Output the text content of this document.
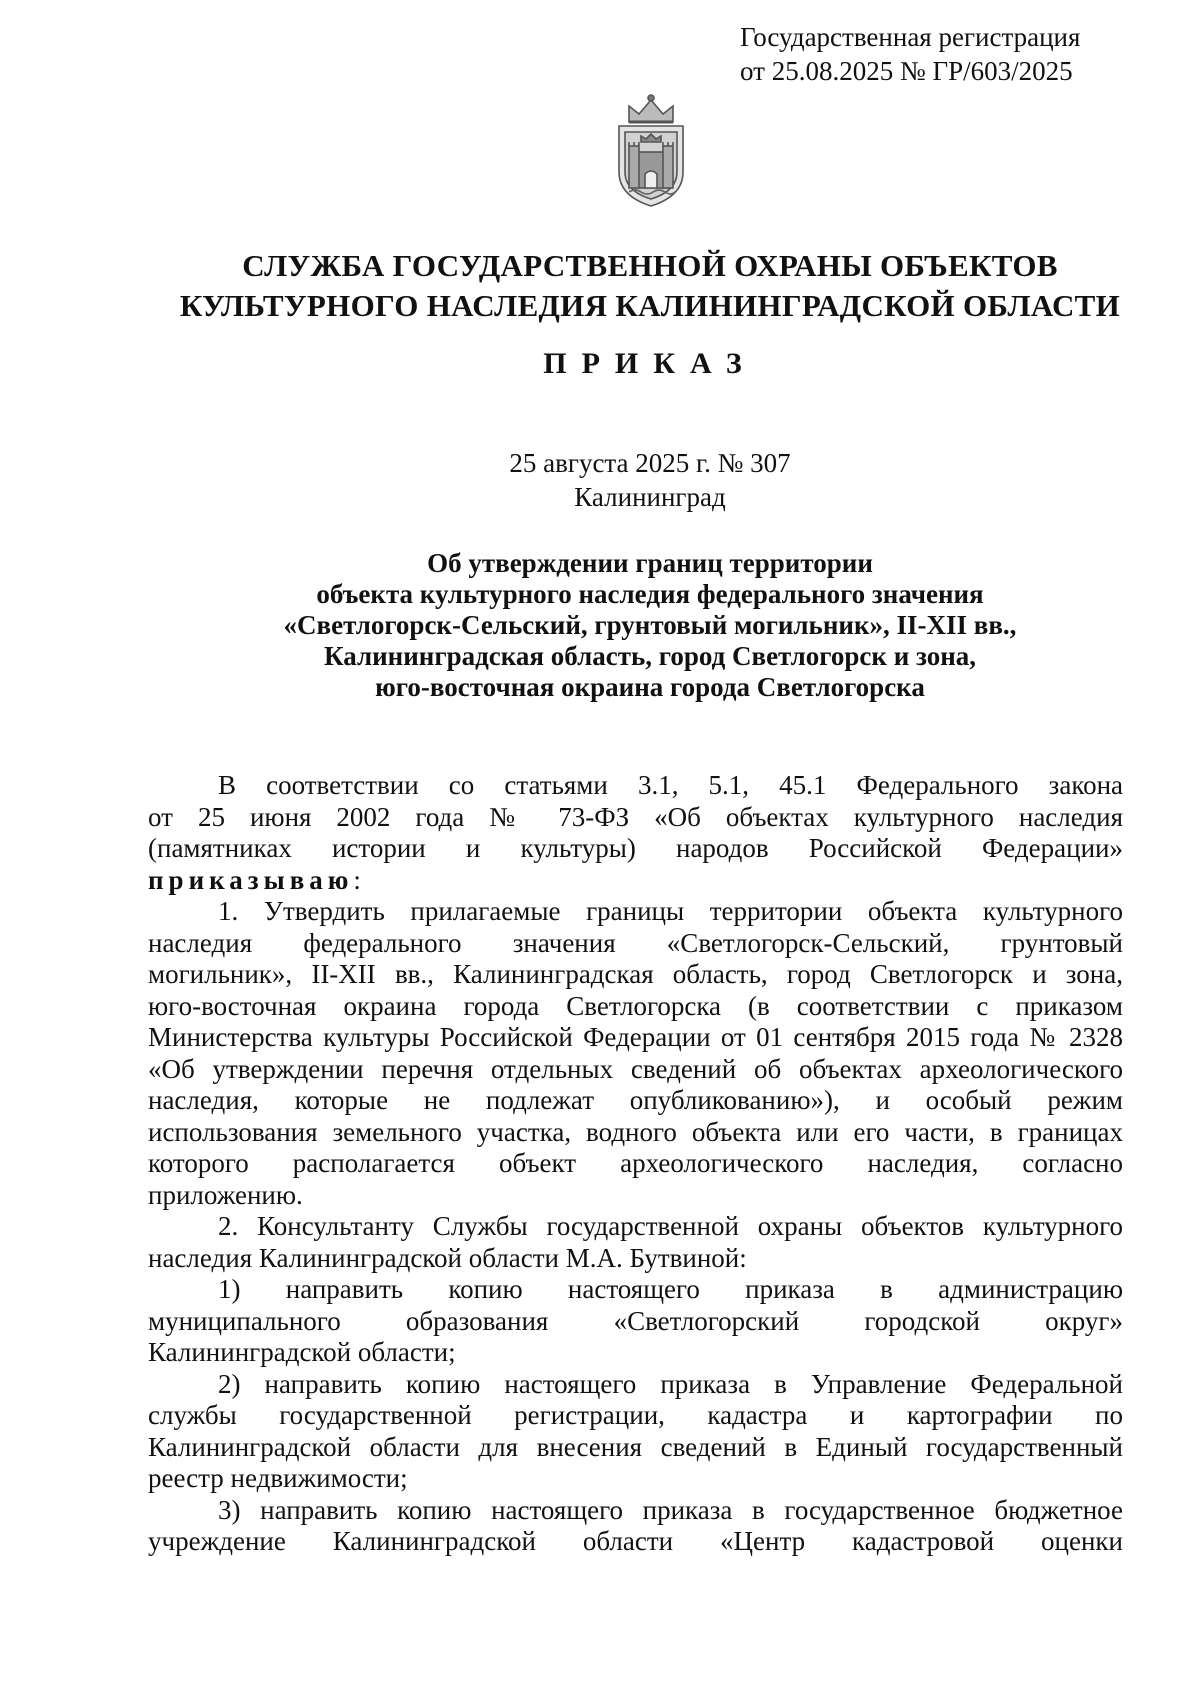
Государственная регистрация
от 25.08.2025 № ГР/603/2025
СЛУЖБА ГОСУДАРСТВЕННОЙ ОХРАНЫ ОБЪЕКТОВ
КУЛЬТУРНОГО НАСЛЕДИЯ КАЛИНИНГРАДСКОЙ ОБЛАСТИ
ПРИКАЗ
25 августа 2025 г. № 307
Калининград
Об утверждении границ территории
объекта культурного наследия федерального значения
«Светлогорск-Сельский, грунтовый могильник», II-XII вв.,
Калининградская область, город Светлогорск и зона,
юго-восточная окраина города Светлогорска

В соответствии со статьями 3.1, 5.1, 45.1 Федерального закона

от 25 июня 2002 года № 73-ФЗ «Об объектах культурного наследия

(памятниках истории и культуры) народов Российской Федерации»

приказываю:

1. Утвердить прилагаемые границы территории объекта культурного

наследия федерального значения «Светлогорск-Сельский, грунтовый

могильник», II-XII вв., Калининградская область, город Светлогорск и зона,

юго-восточная окраина города Светлогорска (в соответствии с приказом

Министерства культуры Российской Федерации от 01 сентября 2015 года № 2328

«Об утверждении перечня отдельных сведений об объектах археологического

наследия, которые не подлежат опубликованию»), и особый режим

использования земельного участка, водного объекта или его части, в границах

которого располагается объект археологического наследия, согласно

приложению.

2. Консультанту Службы государственной охраны объектов культурного

наследия Калининградской области М.А. Бутвиной:

1) направить копию настоящего приказа в администрацию

муниципального образования «Светлогорский городской округ»

Калининградской области;

2) направить копию настоящего приказа в Управление Федеральной

службы государственной регистрации, кадастра и картографии по

Калининградской области для внесения сведений в Единый государственный

реестр недвижимости;

3) направить копию настоящего приказа в государственное бюджетное

учреждение Калининградской области «Центр кадастровой оценки
